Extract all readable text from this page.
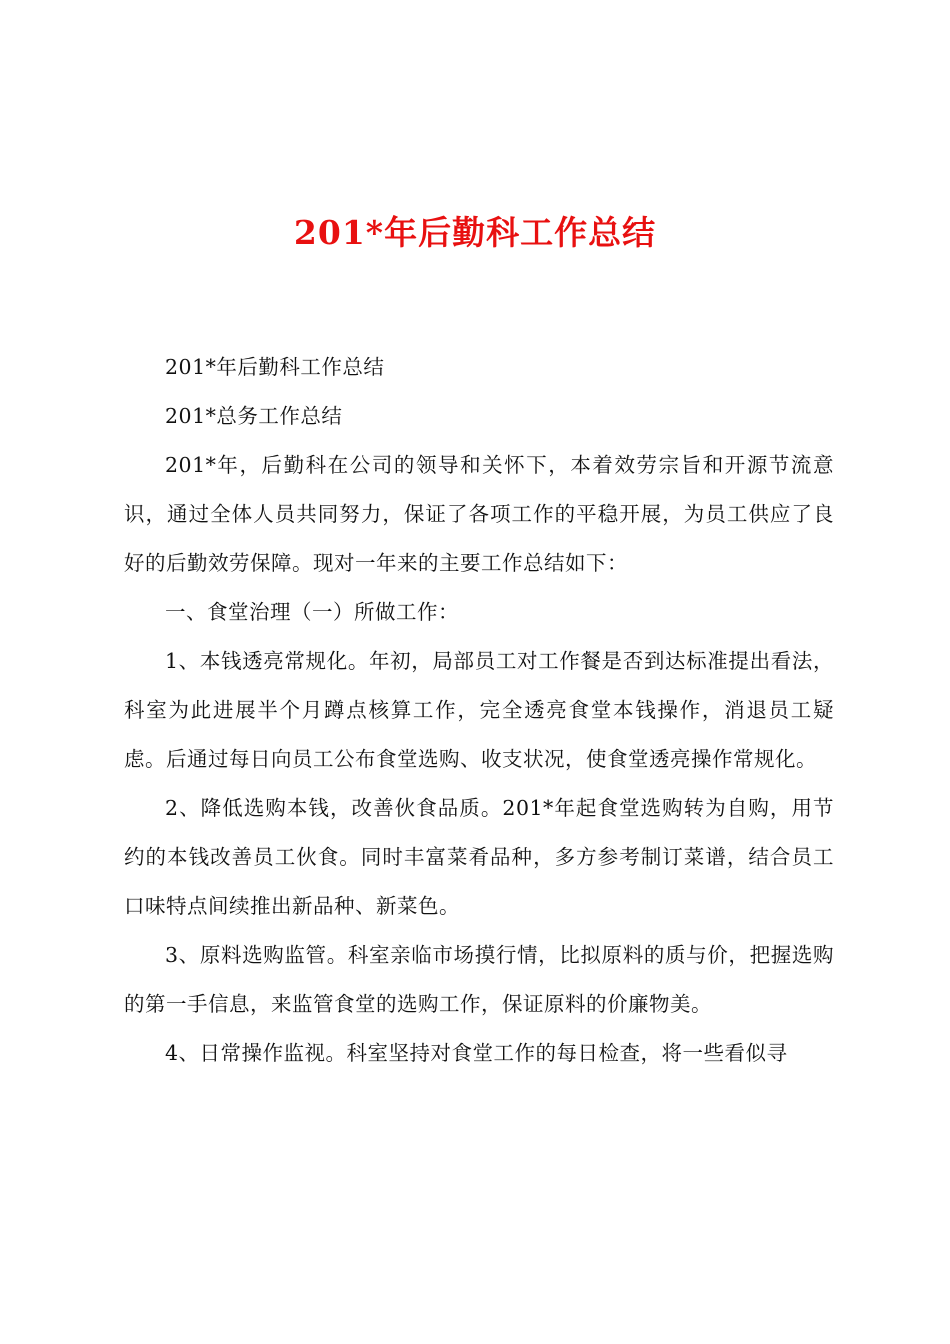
201*年后勤科工作总结

201*年后勤科工作总结

201*总务工作总结

201*年，后勤科在公司的领导和关怀下，本着效劳宗旨和开源节流意识，通过全体人员共同努力，保证了各项工作的平稳开展，为员工供应了良好的后勤效劳保障。现对一年来的主要工作总结如下：

一、食堂治理（一）所做工作：

1、本钱透亮常规化。年初，局部员工对工作餐是否到达标准提出看法，科室为此进展半个月蹲点核算工作，完全透亮食堂本钱操作，消退员工疑虑。后通过每日向员工公布食堂选购、收支状况，使食堂透亮操作常规化。

2、降低选购本钱，改善伙食品质。201*年起食堂选购转为自购，用节约的本钱改善员工伙食。同时丰富菜肴品种，多方参考制订菜谱，结合员工口味特点间续推出新品种、新菜色。

3、原料选购监管。科室亲临市场摸行情，比拟原料的质与价，把握选购的第一手信息，来监管食堂的选购工作，保证原料的价廉物美。

4、日常操作监视。科室坚持对食堂工作的每日检查，将一些看似寻
